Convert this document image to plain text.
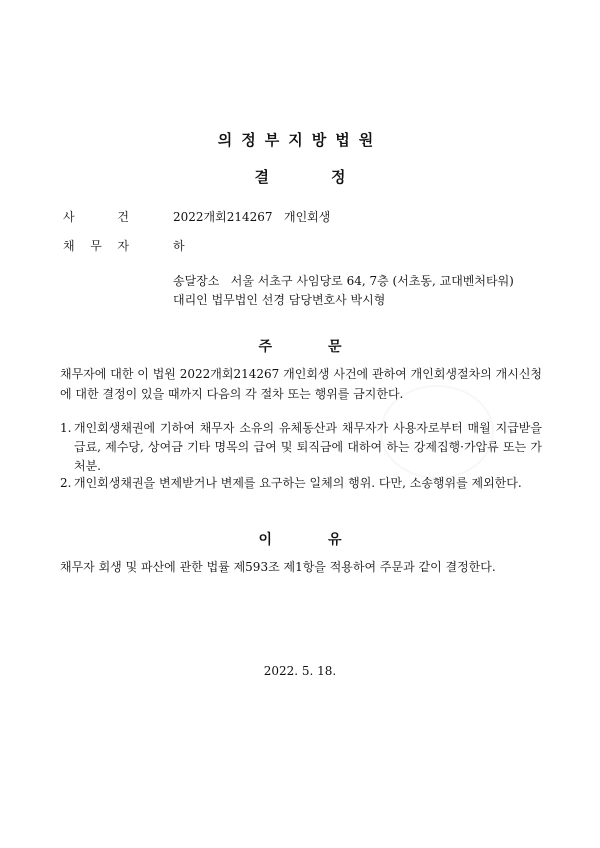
의정부지방법원
결	정
사	건	2022개회214267   개인회생
채 무 자	하
송달장소   서울 서초구 사임당로 64, 7층 (서초동, 교대벤처타워)
대리인 법무법인 선경 담당변호사 박시형
주	문
채무자에 대한 이 법원 2022개회214267 개인회생 사건에 관하여 개인회생절차의 개시신청에 대한 결정이 있을 때까지 다음의 각 절차 또는 행위를 금지한다.
1. 개인회생채권에 기하여 채무자 소유의 유체동산과 채무자가 사용자로부터 매월 지급받을 급료, 제수당, 상여금 기타 명목의 급여 및 퇴직금에 대하여 하는 강제집행·가압류 또는 가처분.
2. 개인회생채권을 변제받거나 변제를 요구하는 일체의 행위. 다만, 소송행위를 제외한다.
이	유
채무자 회생 및 파산에 관한 법률 제593조 제1항을 적용하여 주문과 같이 결정한다.
2022. 5. 18.
